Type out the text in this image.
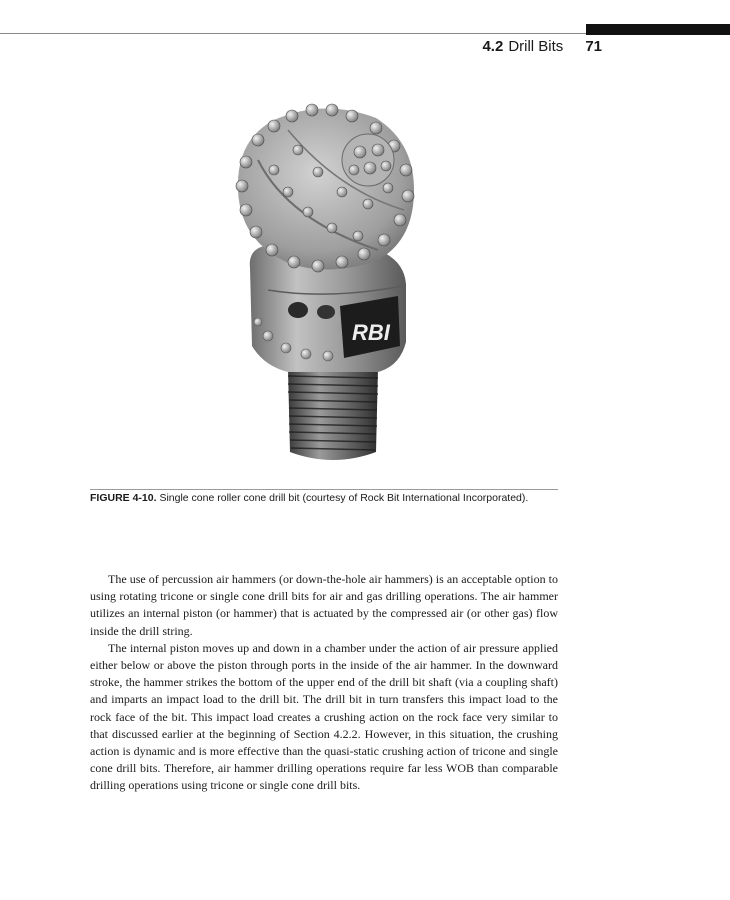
4.2 Drill Bits 71
RBI
FIGURE 4-10. Single cone roller cone drill bit (courtesy of Rock Bit International Incorporated).

The use of percussion air hammers (or down-the-hole air hammers) is an acceptable option to using rotating tricone or single cone drill bits for air and gas drilling operations. The air hammer utilizes an internal piston (or hammer) that is actuated by the compressed air (or other gas) flow inside the drill string.

The internal piston moves up and down in a chamber under the action of air pressure applied either below or above the piston through ports in the inside of the air hammer. In the downward stroke, the hammer strikes the bottom of the upper end of the drill bit shaft (via a coupling shaft) and imparts an impact load to the drill bit. The drill bit in turn transfers this impact load to the rock face of the bit. This impact load creates a crushing action on the rock face very similar to that discussed earlier at the beginning of Section 4.2.2. However, in this situation, the crushing action is dynamic and is more effective than the quasi-static crushing action of tricone and single cone drill bits. Therefore, air hammer drilling operations require far less WOB than comparable drilling operations using tricone or single cone drill bits.
